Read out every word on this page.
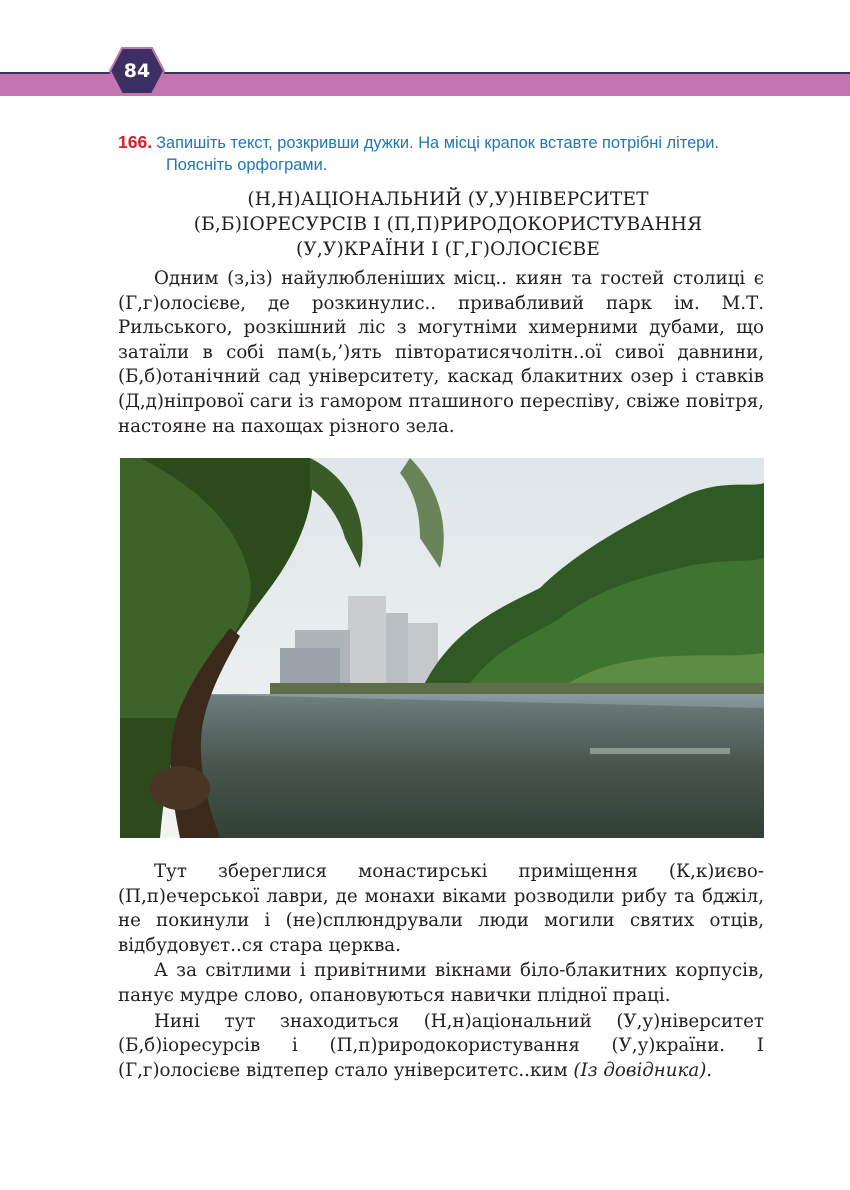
84
166. Запишіть текст, розкривши дужки. На місці крапок вставте потрібні літери.
Поясніть орфограми.
(Н,Н)АЦІОНАЛЬНИЙ (У,У)НІВЕРСИТЕТ
(Б,Б)ІОРЕСУРСІВ І (П,П)РИРОДОКОРИСТУВАННЯ
(У,У)КРАЇНИ І (Г,Г)ОЛОСІЄВЕ

Одним (з,із) найулюбленіших місц.. киян та гостей столиці є (Г,г)олосієве, де розкинулис.. привабливий парк ім. М.Т. Рильського, розкішний ліс з могутніми химерними дубами, що затаїли в собі пам(ь,’)ять півторатисячолітн..ої сивої давнини, (Б,б)отанічний сад університету, каскад блакитних озер і ставків (Д,д)ніпрової саги із гамором пташиного переспіву, свіже повітря, настояне на пахощах різного зела.

Тут збереглися монастирські приміщення (К,к)иєво-(П,п)ечерської лаври, де монахи віками розводили рибу та бджіл, не покинули і (не)сплюндрували люди могили святих отців, відбудовуєт..ся стара церква.

А за світлими і привітними вікнами біло-блакитних корпусів, панує мудре слово, опановуються навички плідної праці.

Нині тут знаходиться (Н,н)аціональний (У,у)ніверситет (Б,б)іоресурсів і (П,п)риродокористування (У,у)країни. І (Г,г)олосієве відтепер стало університетс..ким (Із довідника).
